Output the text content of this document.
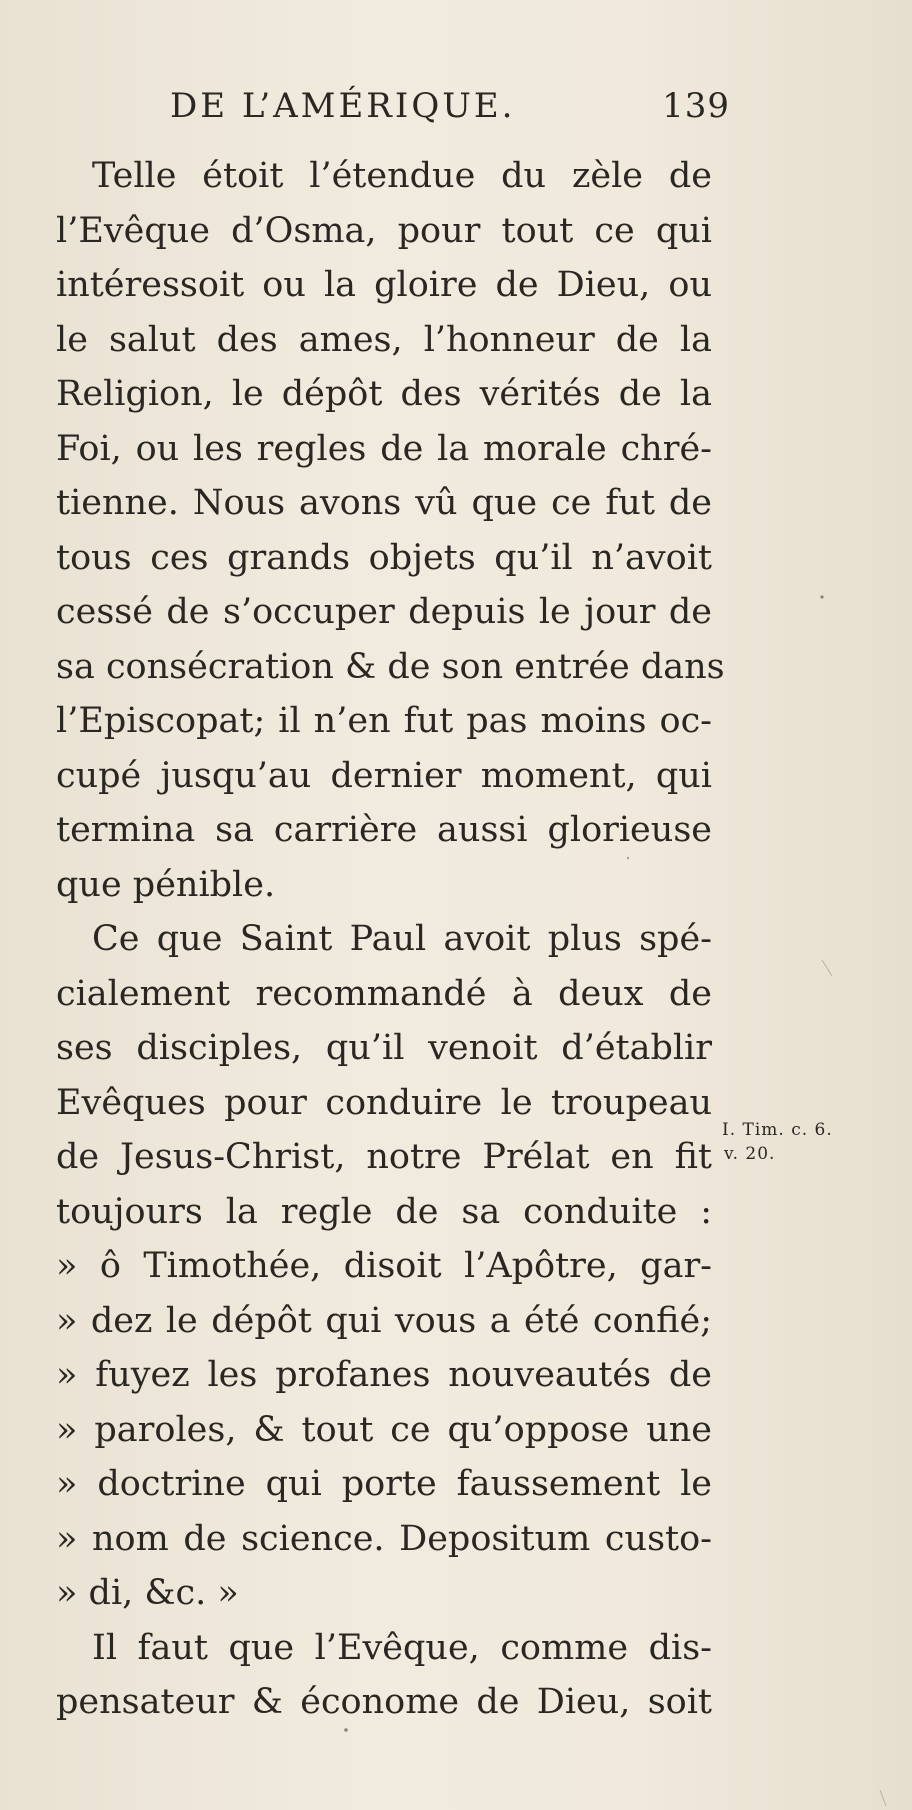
DE L’AMÉRIQUE.	139
Telle étoit l’étendue du zèle de
l’Evêque d’Osma, pour tout ce qui
intéressoit ou la gloire de Dieu, ou
le salut des ames, l’honneur de la
Religion, le dépôt des vérités de la
Foi, ou les regles de la morale chré-
tienne. Nous avons vû que ce fut de
tous ces grands objets qu’il n’avoit
cessé de s’occuper depuis le jour de
sa consécration & de son entrée dans
l’Episcopat; il n’en fut pas moins oc-
cupé jusqu’au dernier moment, qui
termina sa carrière aussi glorieuse
que pénible.
Ce que Saint Paul avoit plus spé-
cialement recommandé à deux de
ses disciples, qu’il venoit d’établir
Evêques pour conduire le troupeau
de Jesus-Christ, notre Prélat en fit
toujours la regle de sa conduite :
» ô Timothée, disoit l’Apôtre, gar-
» dez le dépôt qui vous a été confié;
» fuyez les profanes nouveautés de
» paroles, & tout ce qu’oppose une
» doctrine qui porte faussement le
» nom de science. Depositum custo-
» di, &c. »
Il faut que l’Evêque, comme dis-
pensateur & économe de Dieu, soit
I. Tim. c. 6.
v. 20.
